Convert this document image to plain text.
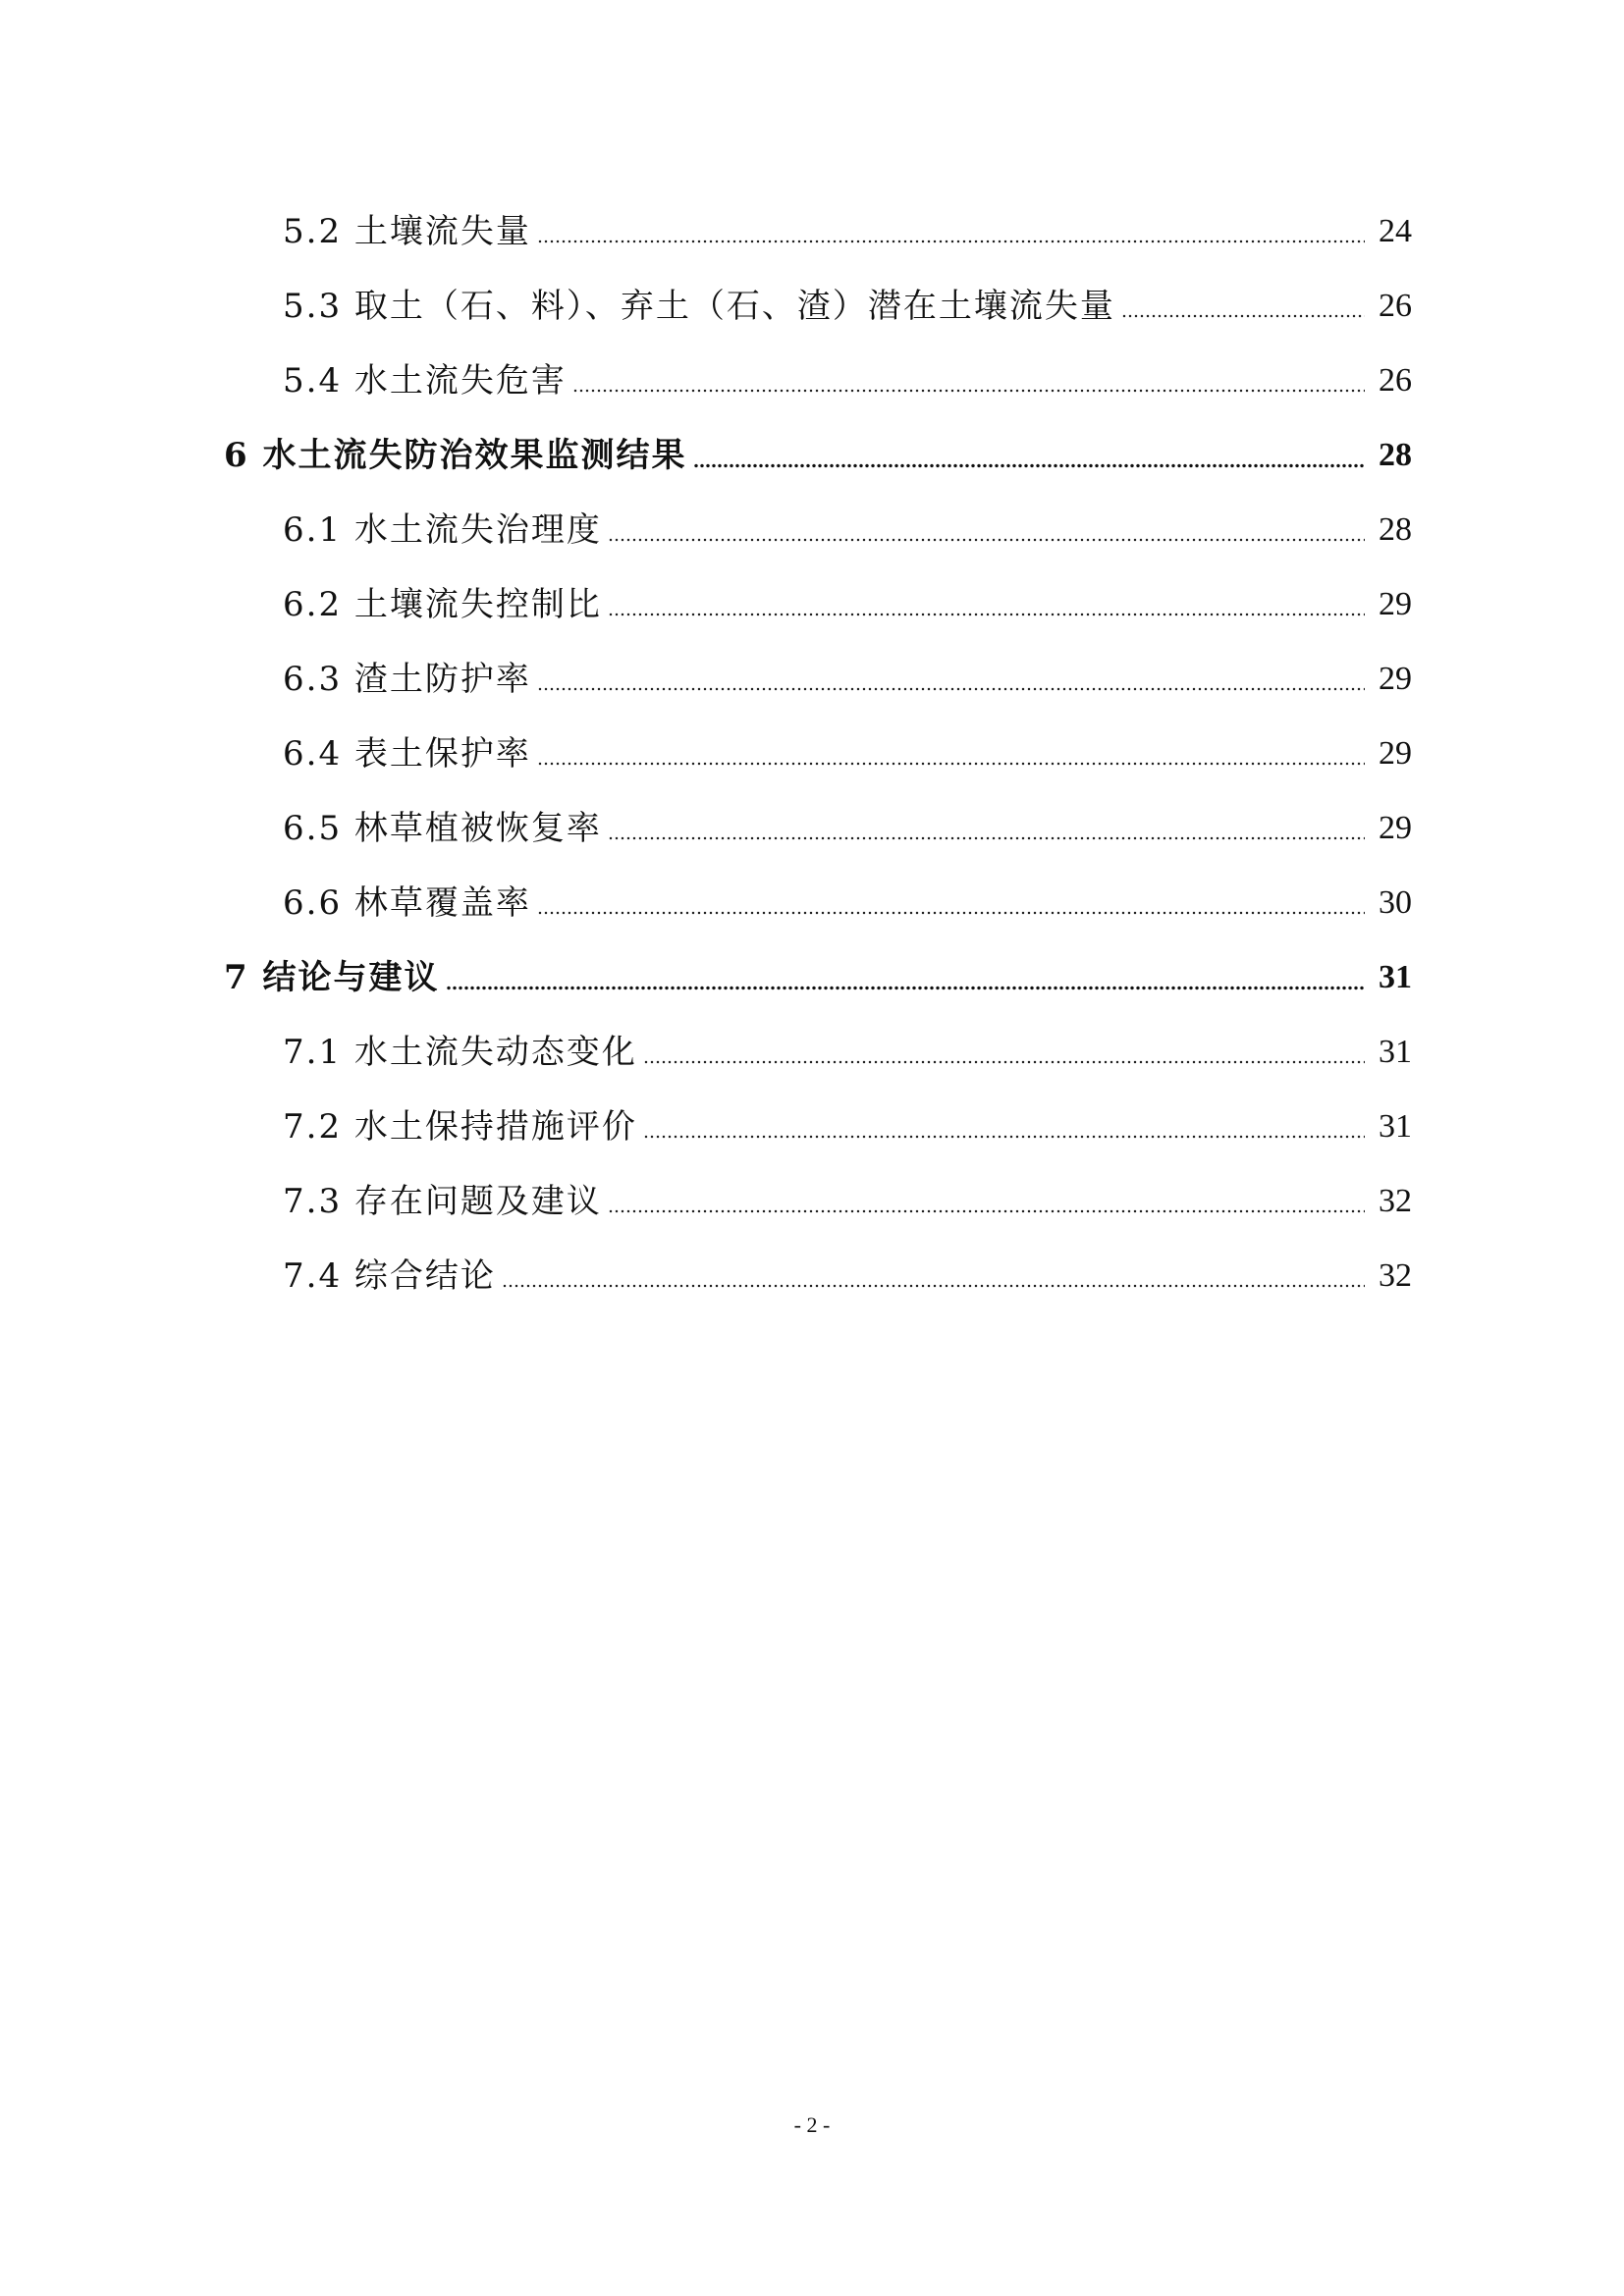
5.2 土壤流失量	24
5.3 取土（石、料）、弃土（石、渣）潜在土壤流失量	26
5.4 水土流失危害	26
6 水土流失防治效果监测结果	28
6.1 水土流失治理度	28
6.2 土壤流失控制比	29
6.3 渣土防护率	29
6.4 表土保护率	29
6.5 林草植被恢复率	29
6.6 林草覆盖率	30
7 结论与建议	31
7.1 水土流失动态变化	31
7.2 水土保持措施评价	31
7.3 存在问题及建议	32
7.4 综合结论	32
- 2 -
